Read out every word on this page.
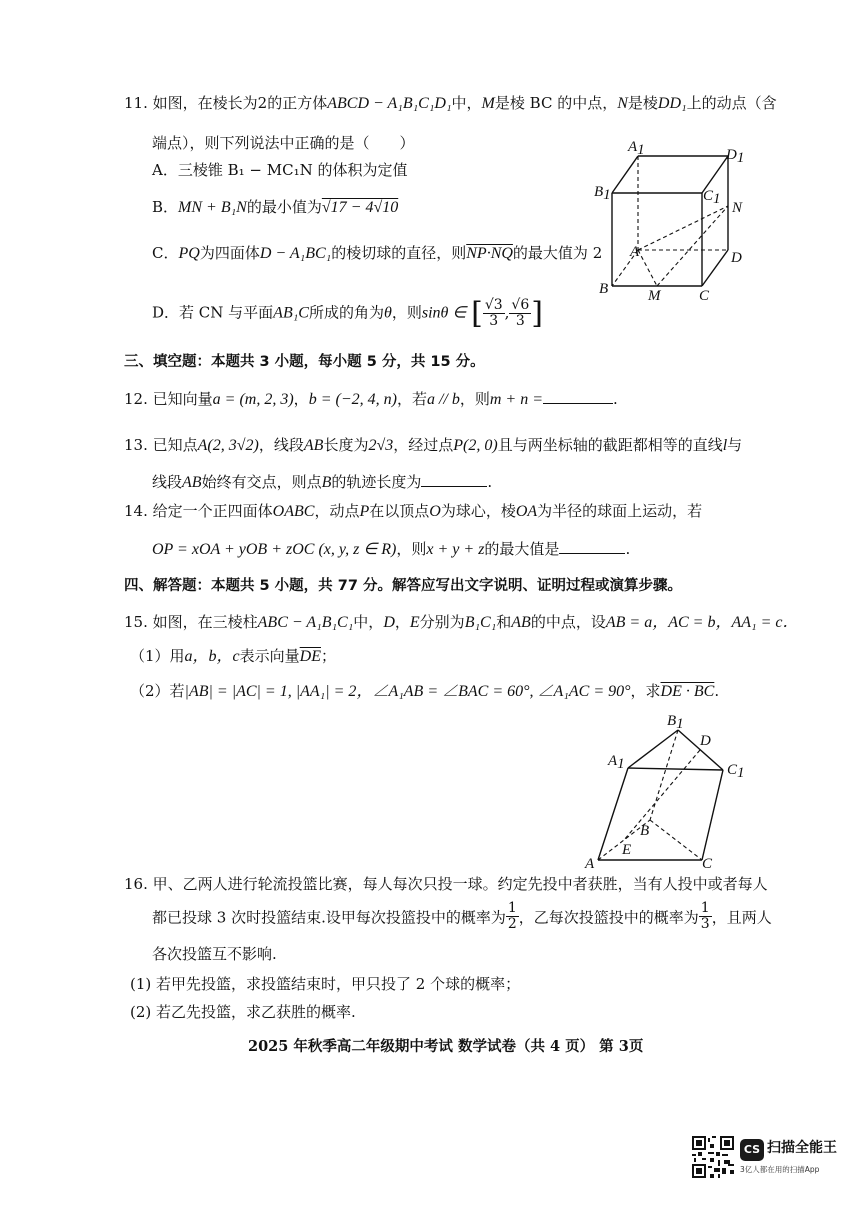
11. 如图，在棱长为2的正方体ABCD − A₁B₁C₁D₁中，M是棱 BC 的中点，N是棱DD₁上的动点（含
端点），则下列说法中正确的是（　　）
A．三棱锥 B₁ − MC₁N 的体积为定值
B．MN + B₁N的最小值为√17 − 4√10
C．PQ为四面体D − A₁BC₁的棱切球的直径，则NP·NQ的最大值为 2
D．若 CN 与平面AB₁C所成的角为θ，则sinθ ∈ [ $\frac{√3}{3}$ , $\frac{√6}{3}$ ]
A1	D1
B1	C1
N
A	D
B	M	C
三、填空题：本题共 3 小题，每小题 5 分，共 15 分。
12. 已知向量a = (m, 2, 3)，b = (−2, 4, n)，若a // b，则m + n =	.
13. 已知点A(2, 3√2)，线段AB长度为2√3，经过点P(2, 0)且与两坐标轴的截距都相等的直线l与
线段AB始终有交点，则点B的轨迹长度为	.
14. 给定一个正四面体OABC，动点P在以顶点O为球心，棱OA为半径的球面上运动，若
OP = xOA + yOB + zOC (x, y, z ∈ R)，则x + y + z的最大值是	.
四、解答题：本题共 5 小题，共 77 分。解答应写出文字说明、证明过程或演算步骤。
15. 如图，在三棱柱ABC − A₁B₁C₁中，D，E分别为B₁C₁和AB的中点，设AB = a，AC = b，AA₁ = c．
（1）用a，b，c表示向量$\overline{DE}$；
（2）若|AB| = |AC| = 1, |AA₁| = 2，∠A₁AB = ∠BAC = 60°, ∠A₁AC = 90°，求DE · BC.
B1
D
A1	C1
B
E
A	C
16. 甲、乙两人进行轮流投篮比赛，每人每次只投一球。约定先投中者获胜，当有人投中或者每人
都已投球 3 次时投篮结束.设甲每次投篮投中的概率为 $\frac{1}{2}$ ，乙每次投篮投中的概率为 $\frac{1}{3}$ ，且两人
各次投篮互不影响.
(1) 若甲先投篮，求投篮结束时，甲只投了 2 个球的概率；
(2) 若乙先投篮，求乙获胜的概率.
2025 年秋季高二年级期中考试 数学试卷（共 4 页） 第 3页
CS 扫描全能王
3亿人都在用的扫描App
